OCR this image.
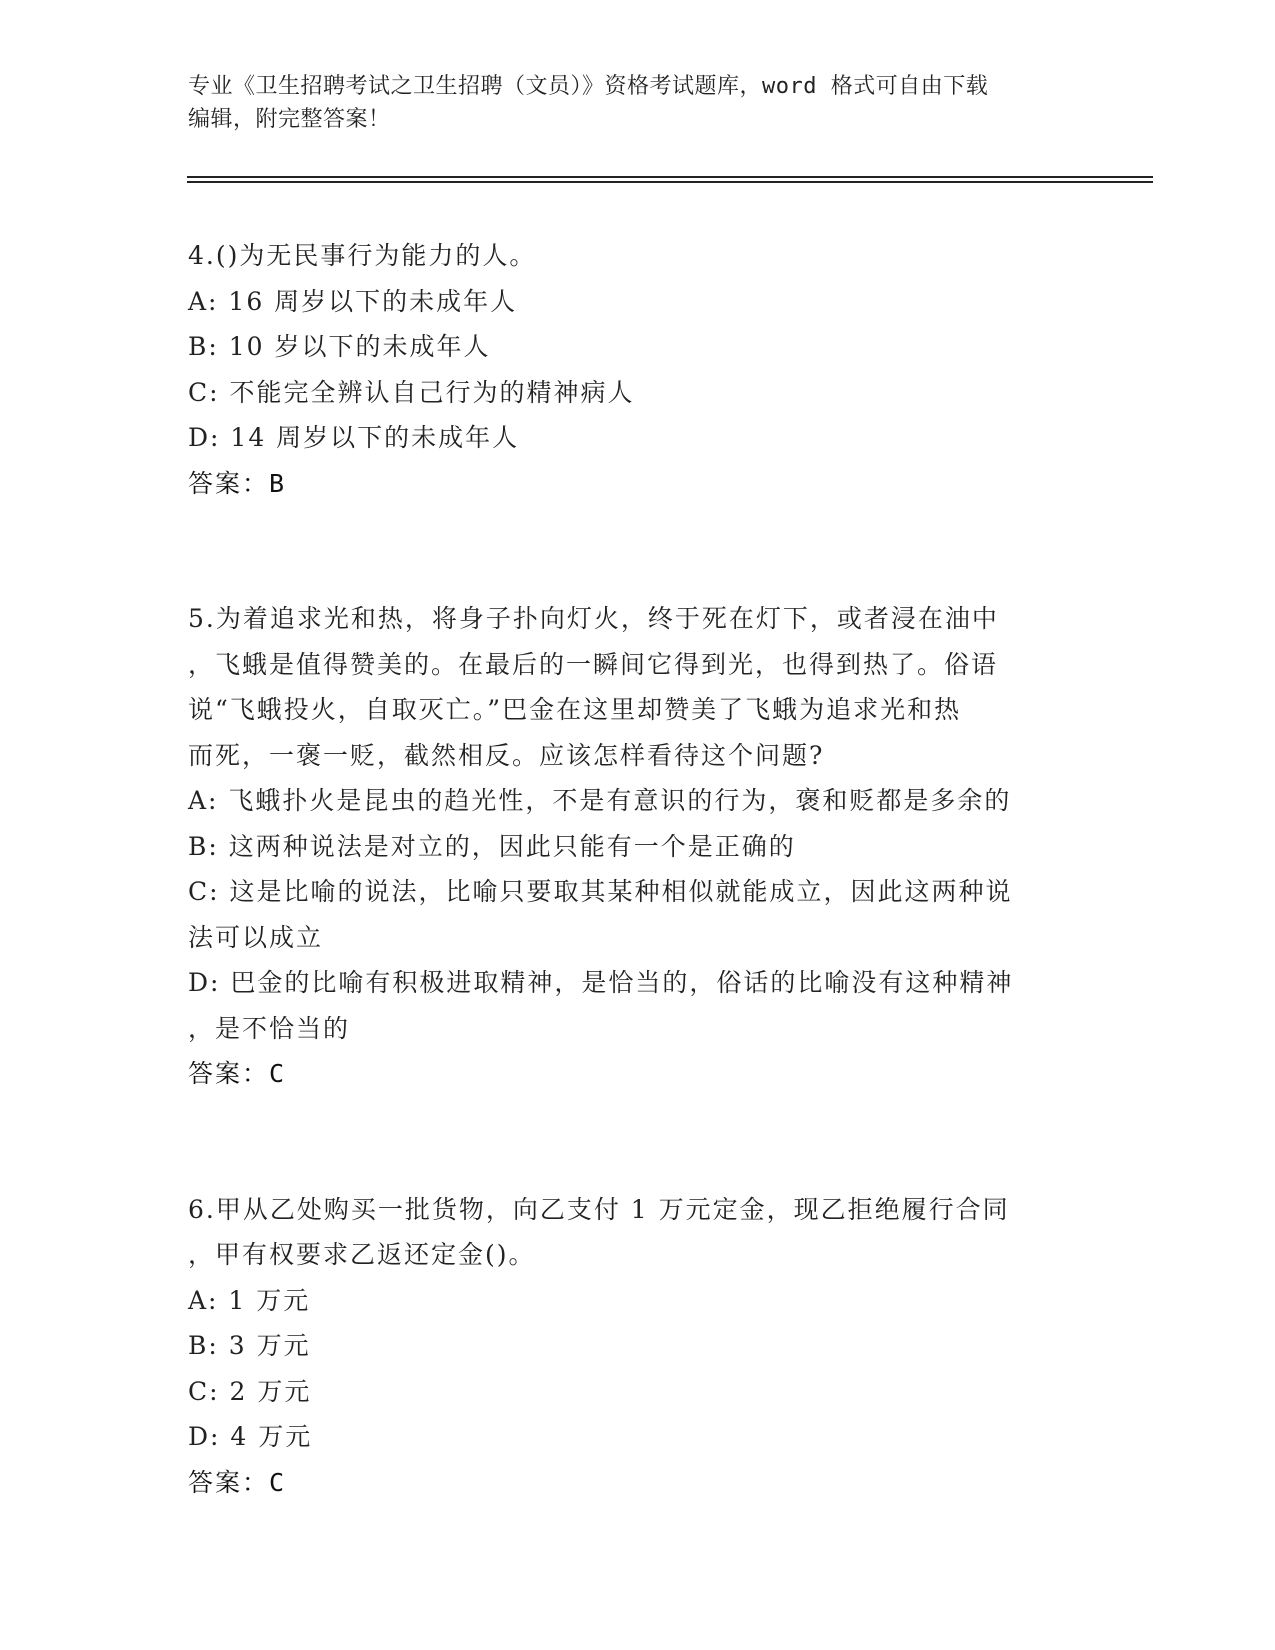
专业《卫生招聘考试之卫生招聘（文员）》资格考试题库，word 格式可自由下载
编辑，附完整答案！
4.()为无民事行为能力的人。
A: 16 周岁以下的未成年人
B: 10 岁以下的未成年人
C: 不能完全辨认自己行为的精神病人
D: 14 周岁以下的未成年人
答案：B
5.为着追求光和热，将身子扑向灯火，终于死在灯下，或者浸在油中
，飞蛾是值得赞美的。在最后的一瞬间它得到光，也得到热了。俗语
说“飞蛾投火，自取灭亡。”巴金在这里却赞美了飞蛾为追求光和热
而死，一褒一贬，截然相反。应该怎样看待这个问题?
A: 飞蛾扑火是昆虫的趋光性，不是有意识的行为，褒和贬都是多余的
B: 这两种说法是对立的，因此只能有一个是正确的
C: 这是比喻的说法，比喻只要取其某种相似就能成立，因此这两种说
法可以成立
D: 巴金的比喻有积极进取精神，是恰当的，俗话的比喻没有这种精神
，是不恰当的
答案：C
6.甲从乙处购买一批货物，向乙支付 1 万元定金，现乙拒绝履行合同
，甲有权要求乙返还定金()。
A: 1 万元
B: 3 万元
C: 2 万元
D: 4 万元
答案：C
